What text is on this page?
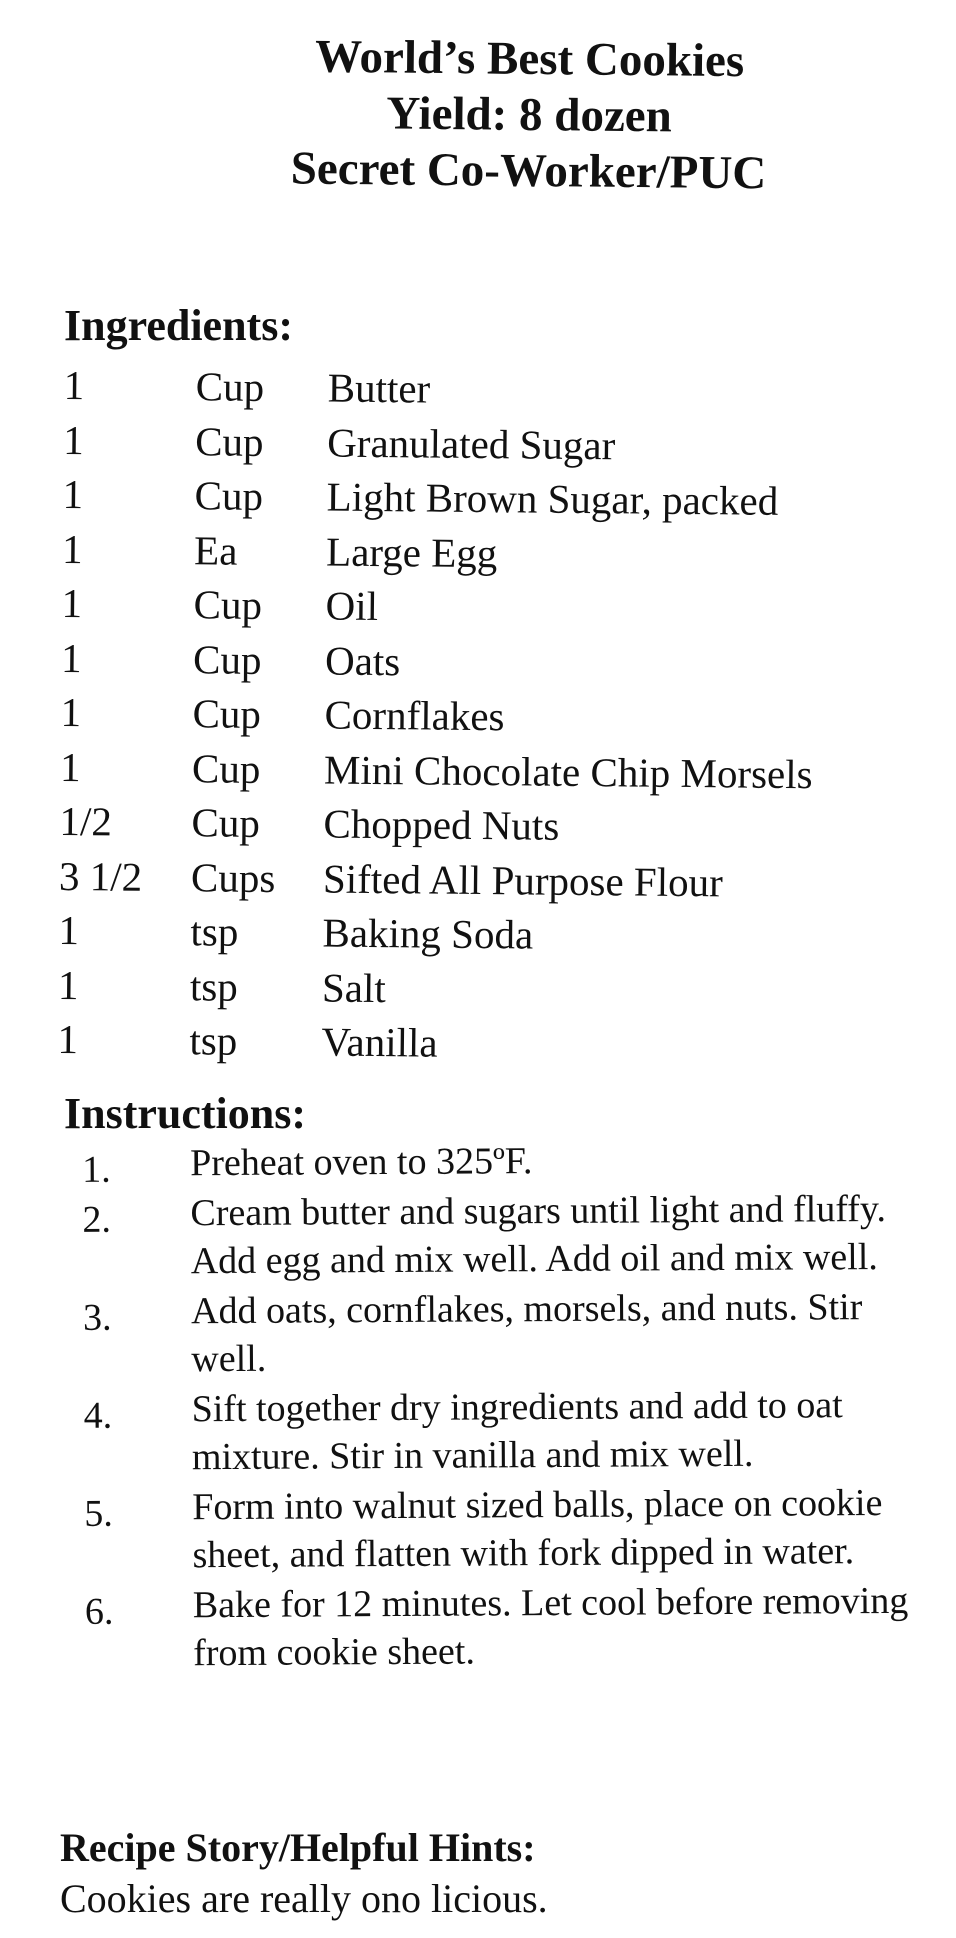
World’s Best Cookies
Yield: 8 dozen
Secret Co-Worker/PUC
Ingredients:
1	Cup Butter
1	Cup Granulated Sugar
1	Cup Light Brown Sugar, packed
1	Ea Large Egg
1	Cup Oil
1	Cup Oats
1	Cup Cornflakes
1	Cup Mini Chocolate Chip Morsels
1/2 Cup Chopped Nuts
3 1/2 Cups Sifted All Purpose Flour
1	tsp Baking Soda
1	tsp Salt
1	tsp Vanilla
Instructions:
1. Preheat oven to 325ºF.
2. Cream butter and sugars until light and fluffy. Add egg and mix well. Add oil and mix well.
3. Add oats, cornflakes, morsels, and nuts. Stir well.
4. Sift together dry ingredients and add to oat mixture. Stir in vanilla and mix well.
5. Form into walnut sized balls, place on cookie sheet, and flatten with fork dipped in water.
6. Bake for 12 minutes. Let cool before removing from cookie sheet.
Recipe Story/Helpful Hints:
Cookies are really ono licious.
